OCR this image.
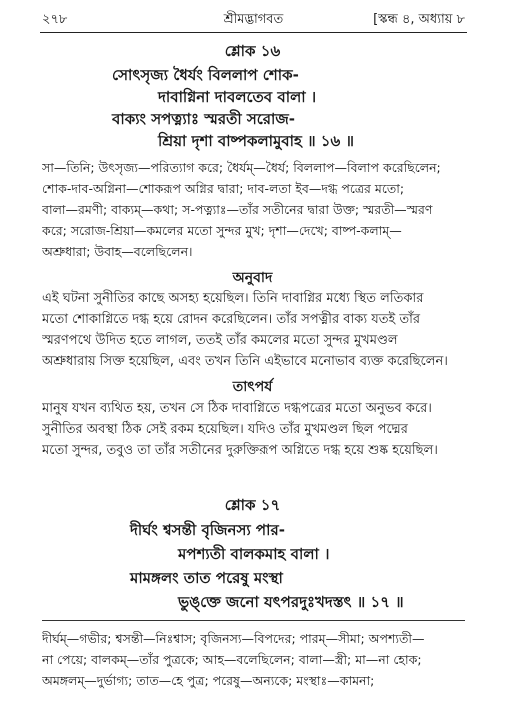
২৭৮	শ্রীমদ্ভাগবত	[স্কন্ধ ৪, অধ্যায় ৮
শ্লোক ১৬
সোৎসৃজ্য ধৈর্যং বিললাপ শোক-
দাবাগ্নিনা দাবলতেব বালা ।
বাক্যং সপত্ন্যাঃ স্মরতী সরোজ-
শ্রিয়া দৃশা বাষ্পকলামুবাহ ॥ ১৬ ॥
সা—তিনি; উৎসৃজ্য—পরিত্যাগ করে; ধৈর্যম্—ধৈর্য; বিললাপ—বিলাপ করেছিলেন;
শোক-দাব-অগ্নিনা—শোকরূপ অগ্নির দ্বারা; দাব-লতা ইব—দগ্ধ পত্রের মতো;
বালা—রমণী; বাক্যম্—কথা; স-পত্ন্যাঃ—তাঁর সতীনের দ্বারা উক্ত; স্মরতী—স্মরণ
করে; সরোজ-শ্রিয়া—কমলের মতো সুন্দর মুখ; দৃশা—দেখে; বাষ্প-কলাম্—
অশ্রুধারা; উবাহ—বলেছিলেন।
অনুবাদ
এই ঘটনা সুনীতির কাছে অসহ্য হয়েছিল। তিনি দাবাগ্নির মধ্যে স্থিত লতিকার
মতো শোকাগ্নিতে দগ্ধ হয়ে রোদন করেছিলেন। তাঁর সপত্নীর বাক্য যতই তাঁর
স্মরণপথে উদিত হতে লাগল, ততই তাঁর কমলের মতো সুন্দর মুখমণ্ডল
অশ্রুধারায় সিক্ত হয়েছিল, এবং তখন তিনি এইভাবে মনোভাব ব্যক্ত করেছিলেন।
তাৎপর্য
মানুষ যখন ব্যথিত হয়, তখন সে ঠিক দাবাগ্নিতে দগ্ধপত্রের মতো অনুভব করে।
সুনীতির অবস্থা ঠিক সেই রকম হয়েছিল। যদিও তাঁর মুখমণ্ডল ছিল পদ্মের
মতো সুন্দর, তবুও তা তাঁর সতীনের দুরুক্তিরূপ অগ্নিতে দগ্ধ হয়ে শুষ্ক হয়েছিল।
শ্লোক ১৭
দীর্ঘং শ্বসন্তী বৃজিনস্য পার-
মপশ্যতী বালকমাহ বালা ।
মামঙ্গলং তাত পরেষু মংস্থা
ভুঙ্‌ক্তে জনো যৎপরদুঃখদস্তৎ ॥ ১৭ ॥
দীর্ঘম্—গভীর; শ্বসন্তী—নিঃশ্বাস; বৃজিনস্য—বিপদের; পারম্—সীমা; অপশ্যতী—
না পেয়ে; বালকম্—তাঁর পুত্রকে; আহ—বলেছিলেন; বালা—স্ত্রী; মা—না হোক;
অমঙ্গলম্—দুর্ভাগ্য; তাত—হে পুত্র; পরেষু—অন্যকে; মংস্থাঃ—কামনা;
